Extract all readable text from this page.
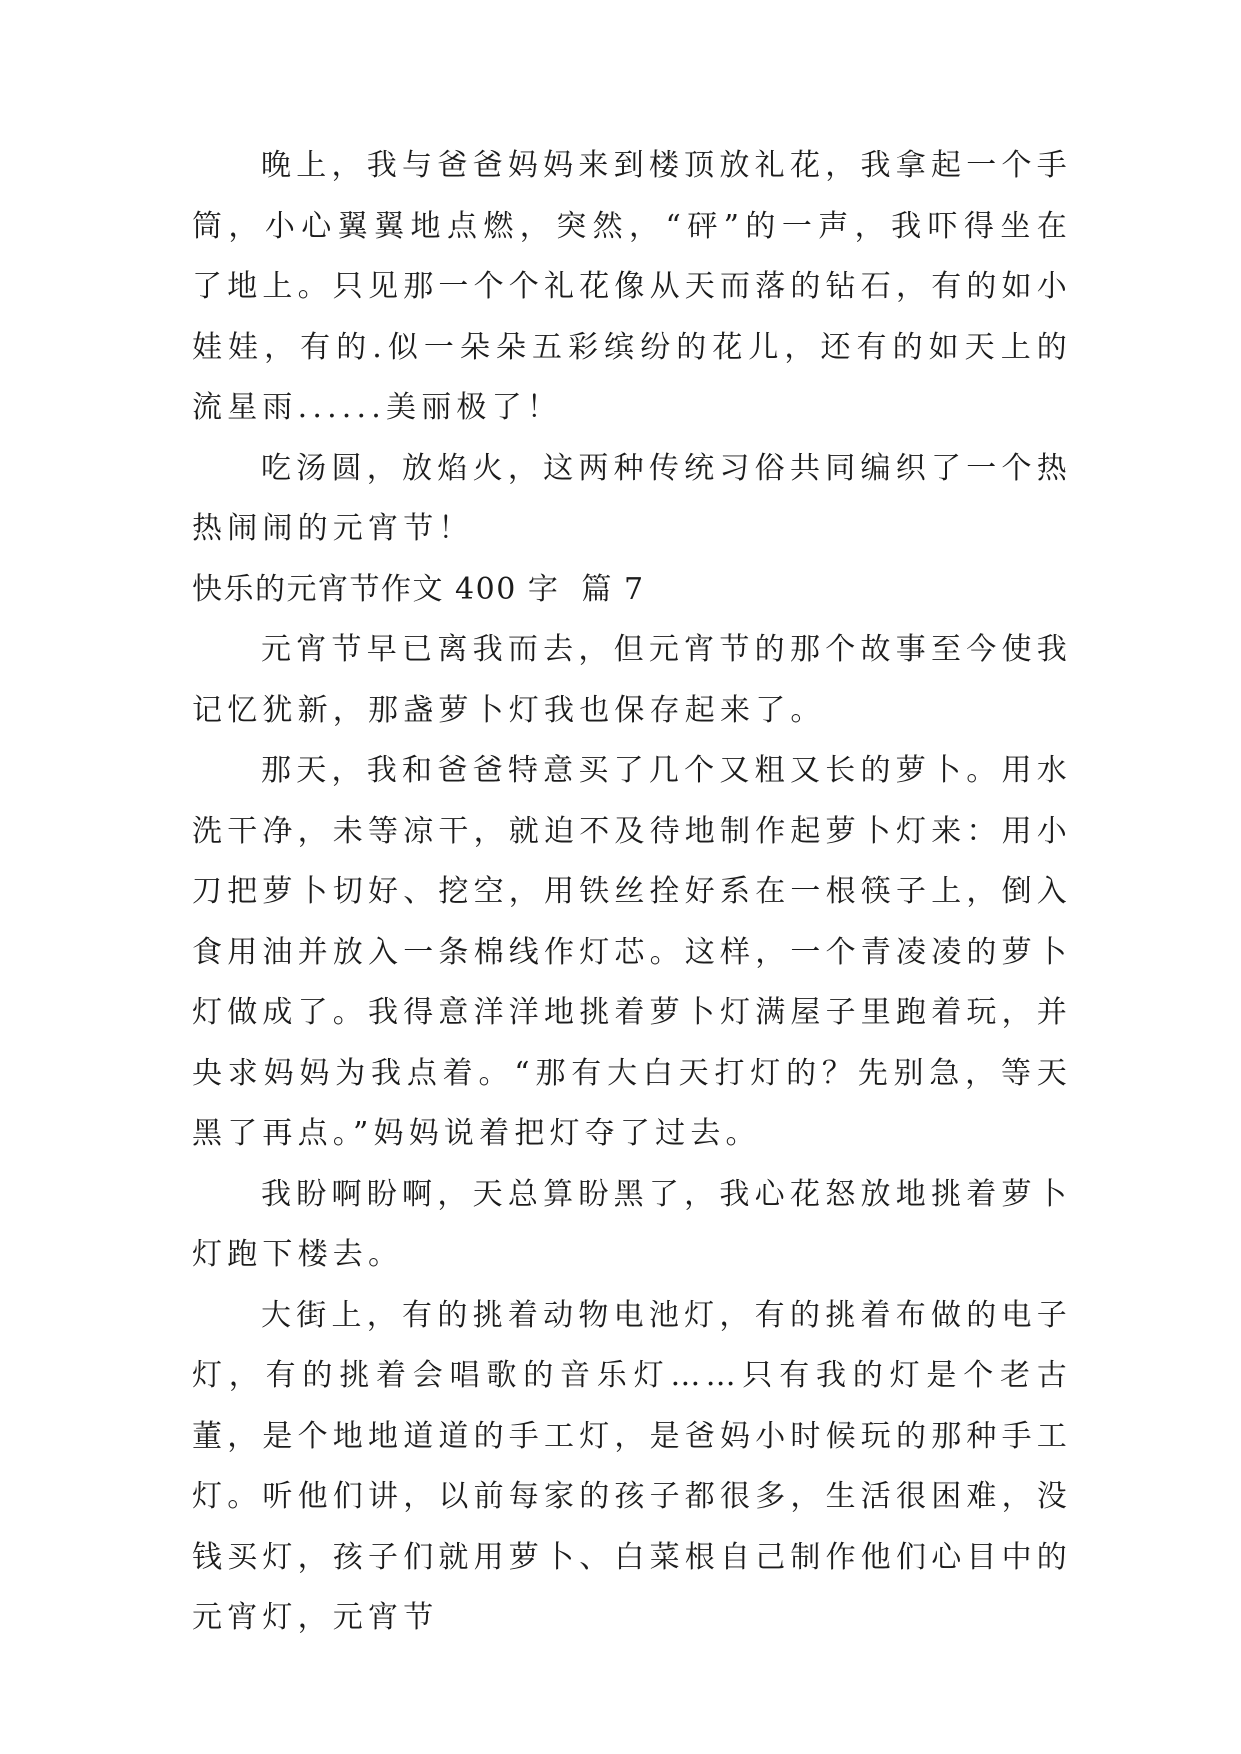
晚上，我与爸爸妈妈来到楼顶放礼花，我拿起一个手筒，小心翼翼地点燃，突然，“砰”的一声，我吓得坐在了地上。只见那一个个礼花像从天而落的钻石，有的如小娃娃，有的.似一朵朵五彩缤纷的花儿，还有的如天上的流星雨......美丽极了！

吃汤圆，放焰火，这两种传统习俗共同编织了一个热热闹闹的元宵节！

快乐的元宵节作文 400 字  篇 7

元宵节早已离我而去，但元宵节的那个故事至今使我记忆犹新，那盏萝卜灯我也保存起来了。

那天，我和爸爸特意买了几个又粗又长的萝卜。用水洗干净，未等凉干，就迫不及待地制作起萝卜灯来：用小刀把萝卜切好、挖空，用铁丝拴好系在一根筷子上，倒入食用油并放入一条棉线作灯芯。这样，一个青凌凌的萝卜灯做成了。我得意洋洋地挑着萝卜灯满屋子里跑着玩，并央求妈妈为我点着。“那有大白天打灯的？先别急，等天黑了再点。”妈妈说着把灯夺了过去。

我盼啊盼啊，天总算盼黑了，我心花怒放地挑着萝卜灯跑下楼去。

大街上，有的挑着动物电池灯，有的挑着布做的电子灯，有的挑着会唱歌的音乐灯……只有我的灯是个老古董，是个地地道道的手工灯，是爸妈小时候玩的那种手工灯。听他们讲，以前每家的孩子都很多，生活很困难，没钱买灯，孩子们就用萝卜、白菜根自己制作他们心目中的元宵灯，元宵节
